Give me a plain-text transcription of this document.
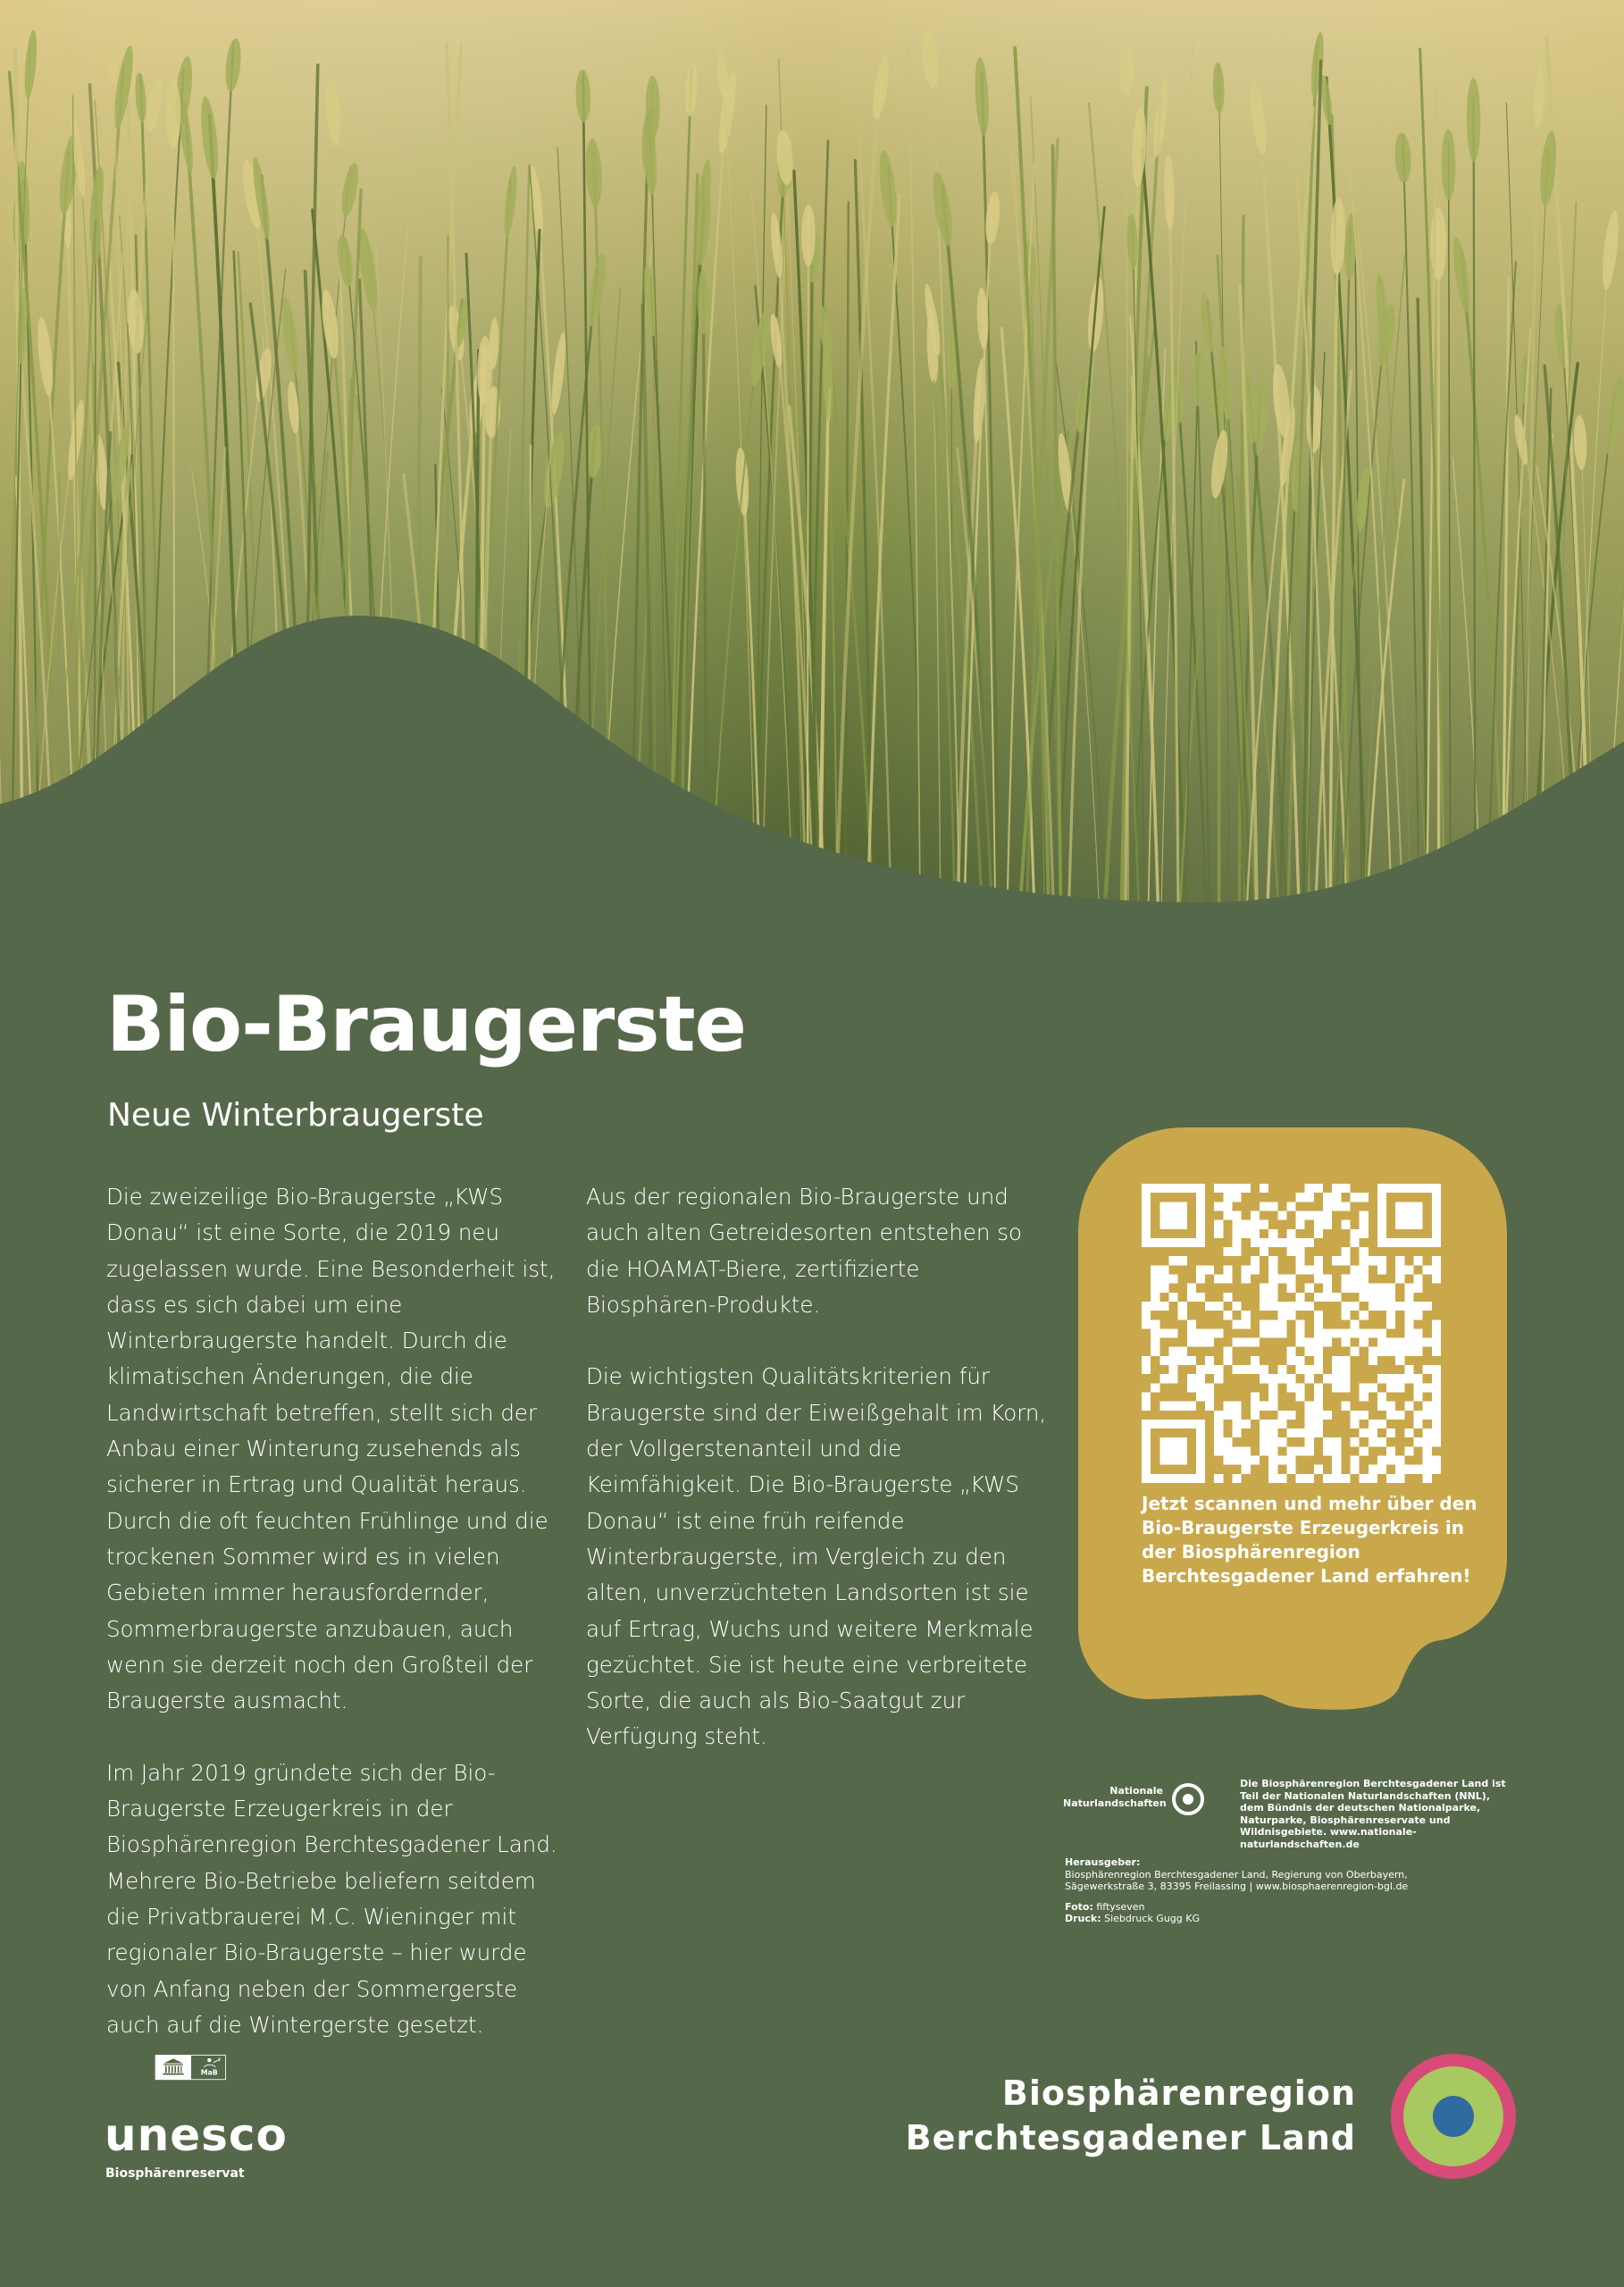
Bio-Braugerste
Neue Winterbraugerste

Die zweizeilige Bio-Braugerste „KWS Donau“ ist eine Sorte, die 2019 neu zugelassen wurde. Eine Besonderheit ist, dass es sich dabei um eine Winterbraugerste handelt. Durch die klimatischen Änderungen, die die Landwirtschaft betreffen, stellt sich der Anbau einer Winterung zusehends als sicherer in Ertrag und Qualität heraus. Durch die oft feuchten Frühlinge und die trockenen Sommer wird es in vielen Gebieten immer herausfordernder, Sommerbraugerste anzubauen, auch wenn sie derzeit noch den Großteil der Braugerste ausmacht.

Im Jahr 2019 gründete sich der Bio-Braugerste Erzeugerkreis in der Biosphärenregion Berchtesgadener Land. Mehrere Bio-Betriebe beliefern seitdem die Privatbrauerei M.C. Wieninger mit regionaler Bio-Braugerste – hier wurde von Anfang neben der Sommergerste auch auf die Wintergerste gesetzt.

Aus der regionalen Bio-Braugerste und auch alten Getreidesorten entstehen so die HOAMAT-Biere, zertifizierte Biosphären-Produkte.

Die wichtigsten Qualitätskriterien für Braugerste sind der Eiweißgehalt im Korn, der Vollgerstenanteil und die Keimfähigkeit. Die Bio-Braugerste „KWS Donau“ ist eine früh reifende Winterbraugerste, im Vergleich zu den alten, unverzüchteten Landsorten ist sie auf Ertrag, Wuchs und weitere Merkmale gezüchtet. Sie ist heute eine verbreitete Sorte, die auch als Bio-Saatgut zur Verfügung steht.

Jetzt scannen und mehr über den Bio-Braugerste Erzeugerkreis in der Biosphärenregion Berchtesgadener Land erfahren!
Nationale
Naturlandschaften
Die Biosphärenregion Berchtesgadener Land ist Teil der Nationalen Naturlandschaften (NNL), dem Bündnis der deutschen Nationalparke, Naturparke, Biosphärenreservate und Wildnisgebiete. www.nationale-naturlandschaften.de
Herausgeber:
Biosphärenregion Berchtesgadener Land, Regierung von Oberbayern,
Sägewerkstraße 3, 83395 Freilassing | www.biosphaerenregion-bgl.de
Foto: fiftyseven
Druck: Siebdruck Gugg KG
MaB
unesco
Biosphärenreservat
Biosphärenregion
Berchtesgadener Land
